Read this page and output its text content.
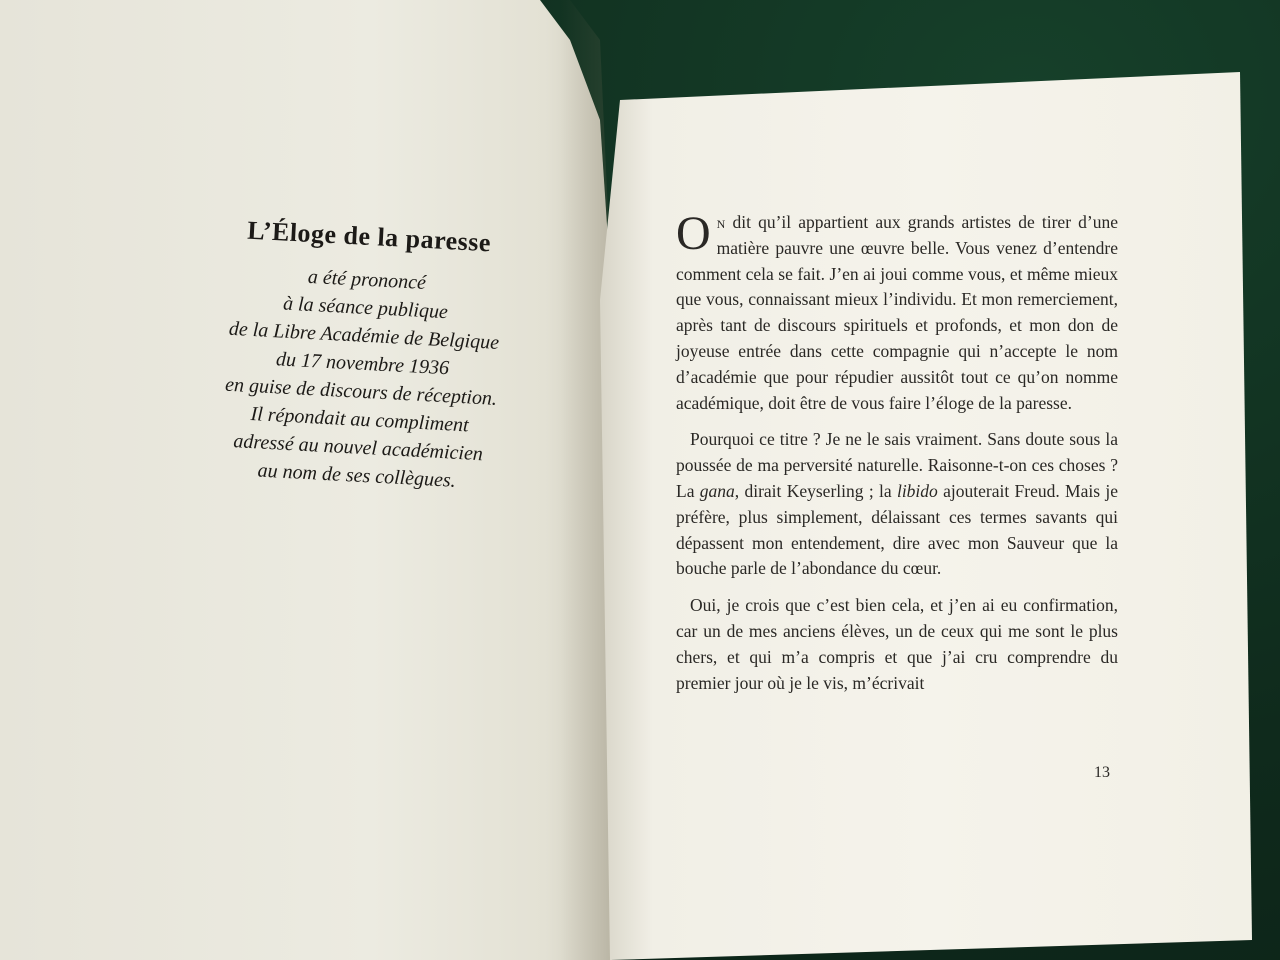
L’Éloge de la paresse
a été prononcé
à la séance publique
de la Libre Académie de Belgique
du 17 novembre 1936
en guise de discours de réception.
Il répondait au compliment
adressé au nouvel académicien
au nom de ses collègues.

On dit qu’il appartient aux grands artistes de tirer d’une matière pauvre une œuvre belle. Vous venez d’entendre comment cela se fait. J’en ai joui comme vous, et même mieux que vous, connaissant mieux l’individu. Et mon remerciement, après tant de discours spirituels et profonds, et mon don de joyeuse entrée dans cette compagnie qui n’accepte le nom d’académie que pour répudier aussitôt tout ce qu’on nomme académique, doit être de vous faire l’éloge de la paresse.

Pourquoi ce titre ? Je ne le sais vraiment. Sans doute sous la poussée de ma perversité naturelle. Raisonne-t-on ces choses ? La gana, dirait Keyserling ; la libido ajouterait Freud. Mais je préfère, plus simplement, délaissant ces termes savants qui dépassent mon entendement, dire avec mon Sauveur que la bouche parle de l’abondance du cœur.

Oui, je crois que c’est bien cela, et j’en ai eu confirmation, car un de mes anciens élèves, un de ceux qui me sont le plus chers, et qui m’a compris et que j’ai cru comprendre du premier jour où je le vis, m’écrivait

13
